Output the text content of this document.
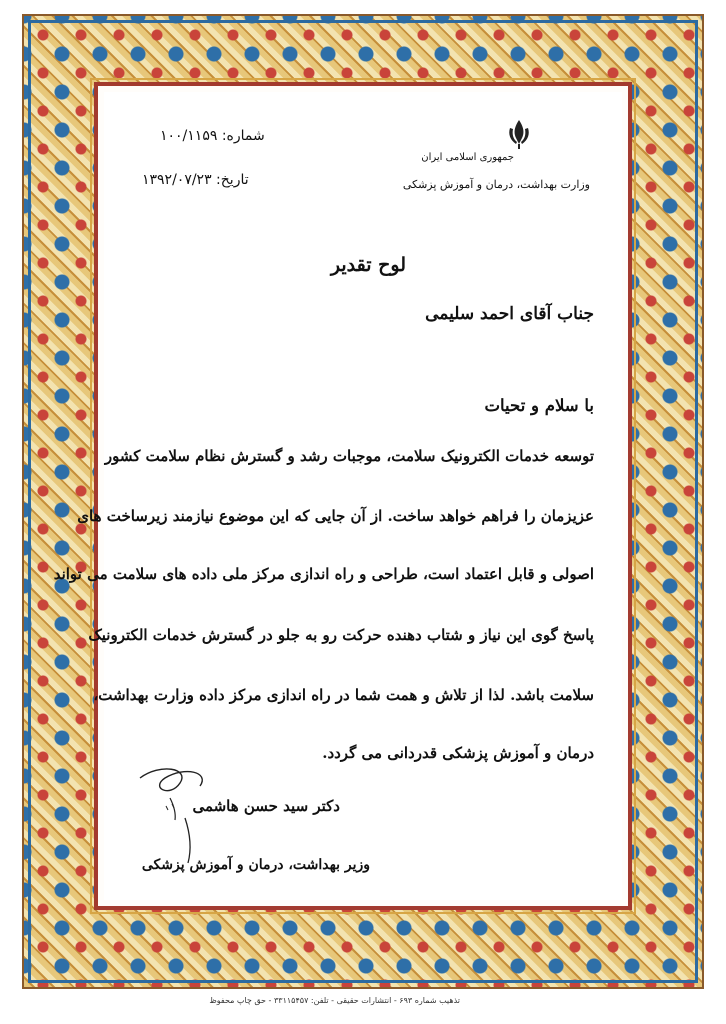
شماره: ۱۰۰/۱۱۵۹
تاریخ: ۱۳۹۲/۰۷/۲۳
جمهوری اسلامی ایران
وزارت بهداشت، درمان و آموزش پزشکی
لوح تقدیر
جناب آقای احمد سلیمی
با سلام و تحیات
توسعه خدمات الکترونیک سلامت، موجبات رشد و گسترش نظام سلامت کشور
عزیزمان را فراهم خواهد ساخت. از آن جایی که این موضوع نیازمند زیرساخت های
اصولی و قابل اعتماد است، طراحی و راه اندازی مرکز ملی داده های سلامت می تواند
پاسخ گوی این نیاز و شتاب دهنده حرکت رو به جلو در گسترش خدمات الکترونیک
سلامت باشد. لذا از تلاش و همت شما در راه اندازی مرکز داده وزارت بهداشت،
درمان و آموزش پزشکی قدردانی می گردد.
دکتر سید حسن هاشمی
وزیر بهداشت، درمان و آموزش پزشکی
تذهیب شماره ۶۹۳ - انتشارات حقیقی - تلفن: ۳۳۱۱۵۴۵۷ - حق چاپ محفوظ
